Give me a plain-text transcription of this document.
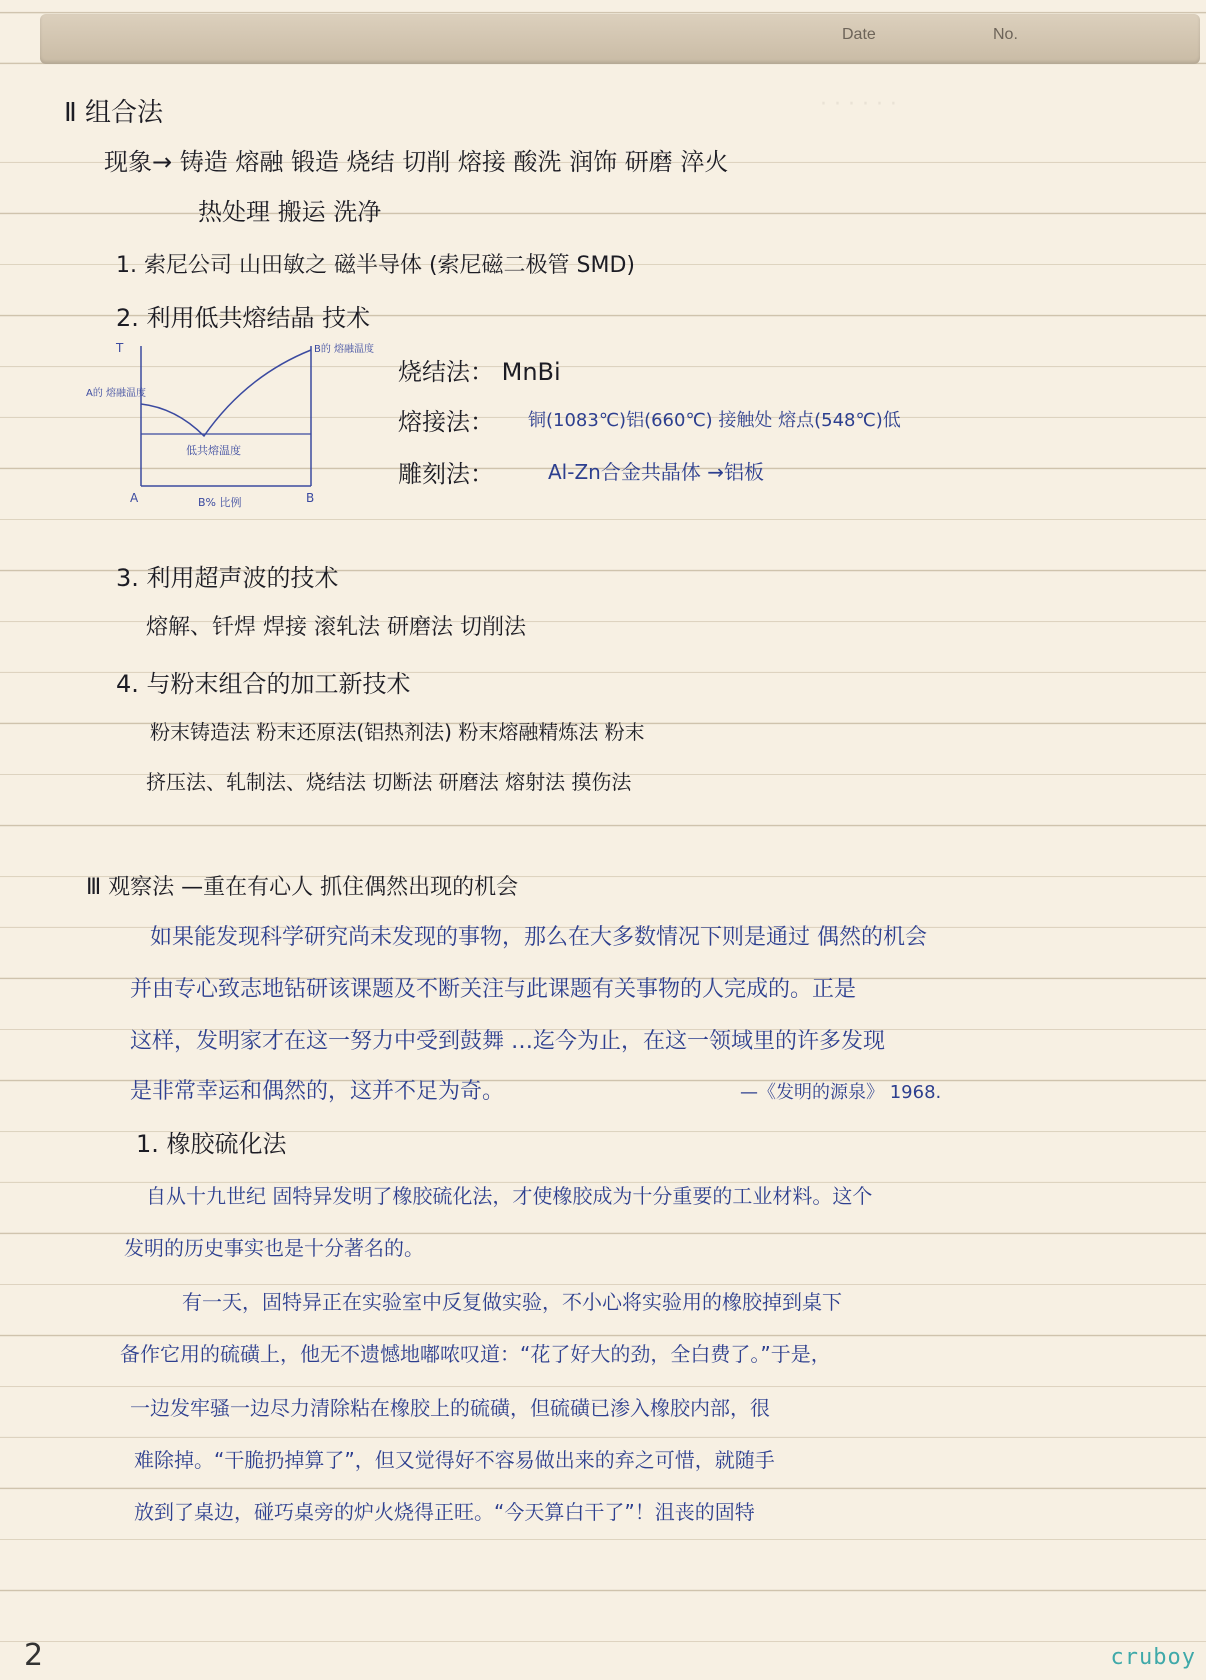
Date	No.
· · · · · ·
Ⅱ 组合法
现象→ 铸造 熔融 锻造 烧结 切削 熔接 酸洗 润饰 研磨 淬火
热处理 搬运 洗净
1. 索尼公司 山田敏之 磁半导体 (索尼磁二极管 SMD)
2. 利用低共熔结晶 技术
T
A的 熔融温度
B的 熔融温度
低共熔温度
A	B
B% 比例
烧结法： MnBi
熔接法： 铜(1083℃)铝(660℃) 接触处 熔点(548℃)低
雕刻法：	Al-Zn合金共晶体 →铝板
3. 利用超声波的技术
熔解、钎焊 焊接 滚轧法 研磨法 切削法
4. 与粉末组合的加工新技术
粉末铸造法 粉末还原法(铝热剂法) 粉末熔融精炼法 粉末
挤压法、轧制法、烧结法 切断法 研磨法 熔射法 摸伤法
Ⅲ 观察法 —重在有心人 抓住偶然出现的机会
如果能发现科学研究尚未发现的事物，那么在大多数情况下则是通过 偶然的机会
并由专心致志地钻研该课题及不断关注与此课题有关事物的人完成的。正是
这样，发明家才在这一努力中受到鼓舞 …迄今为止，在这一领域里的许多发现
是非常幸运和偶然的，这并不足为奇。	—《发明的源泉》 1968.
1. 橡胶硫化法
自从十九世纪 固特异发明了橡胶硫化法，才使橡胶成为十分重要的工业材料。这个
发明的历史事实也是十分著名的。
有一天，固特异正在实验室中反复做实验，不小心将实验用的橡胶掉到桌下
备作它用的硫磺上，他无不遗憾地嘟哝叹道：“花了好大的劲，全白费了。”于是，
一边发牢骚一边尽力清除粘在橡胶上的硫磺，但硫磺已渗入橡胶内部，很
难除掉。“干脆扔掉算了”，但又觉得好不容易做出来的弃之可惜，就随手
放到了桌边，碰巧桌旁的炉火烧得正旺。“今天算白干了”！沮丧的固特
2	cruboy
